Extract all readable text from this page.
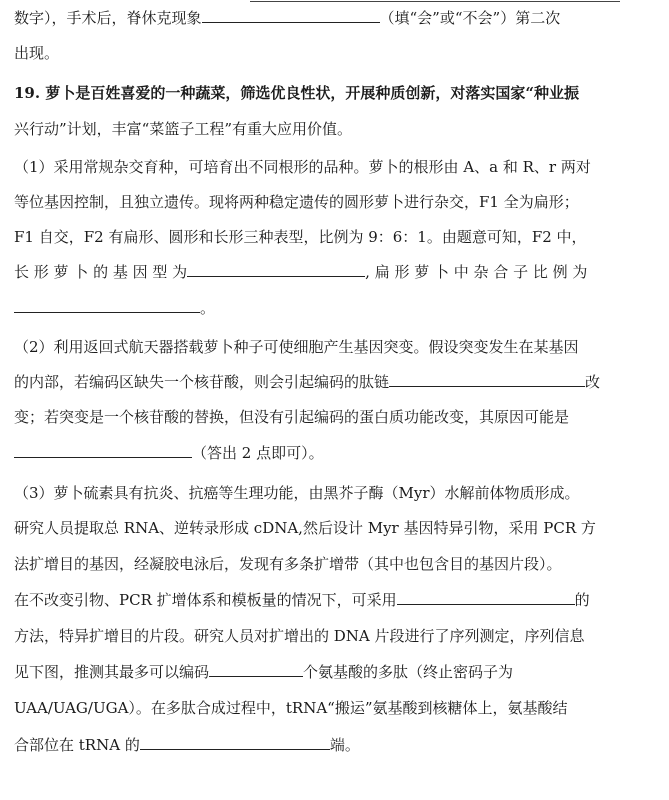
数字），手术后，脊休克现象	（填“会”或“不会”）第二次
出现。
19. 萝卜是百姓喜爱的一种蔬菜，筛选优良性状，开展种质创新，对落实国家“种业振
兴行动”计划，丰富“菜篮子工程”有重大应用价值。
（1）采用常规杂交育种，可培育出不同根形的品种。萝卜的根形由 A、a 和 R、r 两对
等位基因控制，且独立遗传。现将两种稳定遗传的圆形萝卜进行杂交，F1 全为扁形；
F1 自交，F2 有扁形、圆形和长形三种表型，比例为 9：6：1。由题意可知，F2 中，
长 形 萝 卜 的 基 因 型 为	, 扁 形 萝 卜 中 杂 合 子 比 例 为
。
（2）利用返回式航天器搭载萝卜种子可使细胞产生基因突变。假设突变发生在某基因
的内部，若编码区缺失一个核苷酸，则会引起编码的肽链	改
变；若突变是一个核苷酸的替换，但没有引起编码的蛋白质功能改变，其原因可能是
（答出 2 点即可）。
（3）萝卜硫素具有抗炎、抗癌等生理功能，由黑芥子酶（Myr）水解前体物质形成。
研究人员提取总 RNA、逆转录形成 cDNA,然后设计 Myr 基因特异引物，采用 PCR 方
法扩增目的基因，经凝胶电泳后，发现有多条扩增带（其中也包含目的基因片段）。
在不改变引物、PCR 扩增体系和模板量的情况下，可采用	的
方法，特异扩增目的片段。研究人员对扩增出的 DNA 片段进行了序列测定，序列信息
见下图，推测其最多可以编码	个氨基酸的多肽（终止密码子为
UAA/UAG/UGA）。在多肽合成过程中，tRNA“搬运”氨基酸到核糖体上，氨基酸结
合部位在 tRNA 的	端。
